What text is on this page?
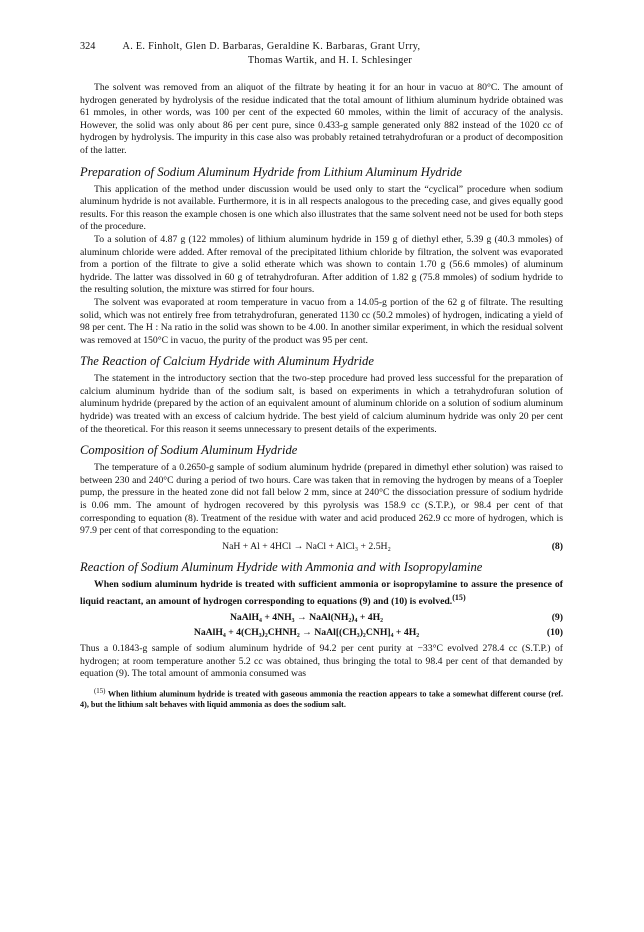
324	A. E. Finholt, Glen D. Barbaras, Geraldine K. Barbaras, Grant Urry,
Thomas Wartik, and H. I. Schlesinger

The solvent was removed from an aliquot of the filtrate by heating it for an hour in vacuo at 80°C. The amount of hydrogen generated by hydrolysis of the residue indicated that the total amount of lithium aluminum hydride obtained was 61 mmoles, in other words, was 100 per cent of the expected 60 mmoles, within the limit of accuracy of the analysis. However, the solid was only about 86 per cent pure, since 0.433-g sample generated only 882 instead of the 1020 cc of hydrogen by hydrolysis. The impurity in this case also was probably retained tetrahydrofuran or a product of decomposition of the latter.

Preparation of Sodium Aluminum Hydride from Lithium Aluminum Hydride

This application of the method under discussion would be used only to start the “cyclical” procedure when sodium aluminum hydride is not available. Furthermore, it is in all respects analogous to the preceding case, and gives equally good results. For this reason the example chosen is one which also illustrates that the same solvent need not be used for both steps of the procedure.

To a solution of 4.87 g (122 mmoles) of lithium aluminum hydride in 159 g of diethyl ether, 5.39 g (40.3 mmoles) of aluminum chloride were added. After removal of the precipitated lithium chloride by filtration, the solvent was evaporated from a portion of the filtrate to give a solid etherate which was shown to contain 1.70 g (56.6 mmoles) of aluminum hydride. The latter was dissolved in 60 g of tetrahydrofuran. After addition of 1.82 g (75.8 mmoles) of sodium hydride to the resulting solution, the mixture was stirred for four hours.

The solvent was evaporated at room temperature in vacuo from a 14.05-g portion of the 62 g of filtrate. The resulting solid, which was not entirely free from tetrahydrofuran, generated 1130 cc (50.2 mmoles) of hydrogen, indicating a yield of 98 per cent. The H : Na ratio in the solid was shown to be 4.00. In another similar experiment, in which the residual solvent was removed at 150°C in vacuo, the purity of the product was 95 per cent.

The Reaction of Calcium Hydride with Aluminum Hydride

The statement in the introductory section that the two-step procedure had proved less successful for the preparation of calcium aluminum hydride than of the sodium salt, is based on experiments in which a tetrahydrofuran solution of aluminum hydride (prepared by the action of an equivalent amount of aluminum chloride on a solution of sodium aluminum hydride) was treated with an excess of calcium hydride. The best yield of calcium aluminum hydride was only 20 per cent of the theoretical. For this reason it seems unnecessary to present details of the experiments.

Composition of Sodium Aluminum Hydride

The temperature of a 0.2650-g sample of sodium aluminum hydride (prepared in dimethyl ether solution) was raised to between 230 and 240°C during a period of two hours. Care was taken that in removing the hydrogen by means of a Toepler pump, the pressure in the heated zone did not fall below 2 mm, since at 240°C the dissociation pressure of sodium hydride is 0.06 mm. The amount of hydrogen recovered by this pyrolysis was 158.9 cc (S.T.P.), or 98.4 per cent of that corresponding to equation (8). Treatment of the residue with water and acid produced 262.9 cc more of hydrogen, which is 97.9 per cent of that corresponding to the equation:

NaH + Al + 4HCl → NaCl + AlCl₃ + 2.5H₂	(8)
Reaction of Sodium Aluminum Hydride with Ammonia and with Isopropylamine

When sodium aluminum hydride is treated with sufficient ammonia or isopropylamine to assure the presence of liquid reactant, an amount of hydrogen corresponding to equations (9) and (10) is evolved.$^{(15)}$

NaAlH₄ + 4NH₃ → NaAl(NH₂)₄ + 4H₂	(9)
NaAlH₄ + 4(CH₃)₂CHNH₂ → NaAl[(CH₃)₂CNH]₄ + 4H₂	(10)

Thus a 0.1843-g sample of sodium aluminum hydride of 94.2 per cent purity at −33°C evolved 278.4 cc (S.T.P.) of hydrogen; at room temperature another 5.2 cc was obtained, thus bringing the total to 98.4 per cent of that demanded by equation (9). The total amount of ammonia consumed was

$^{(15)}$ When lithium aluminum hydride is treated with gaseous ammonia the reaction appears to take a somewhat different course (ref. 4), but the lithium salt behaves with liquid ammonia as does the sodium salt.
